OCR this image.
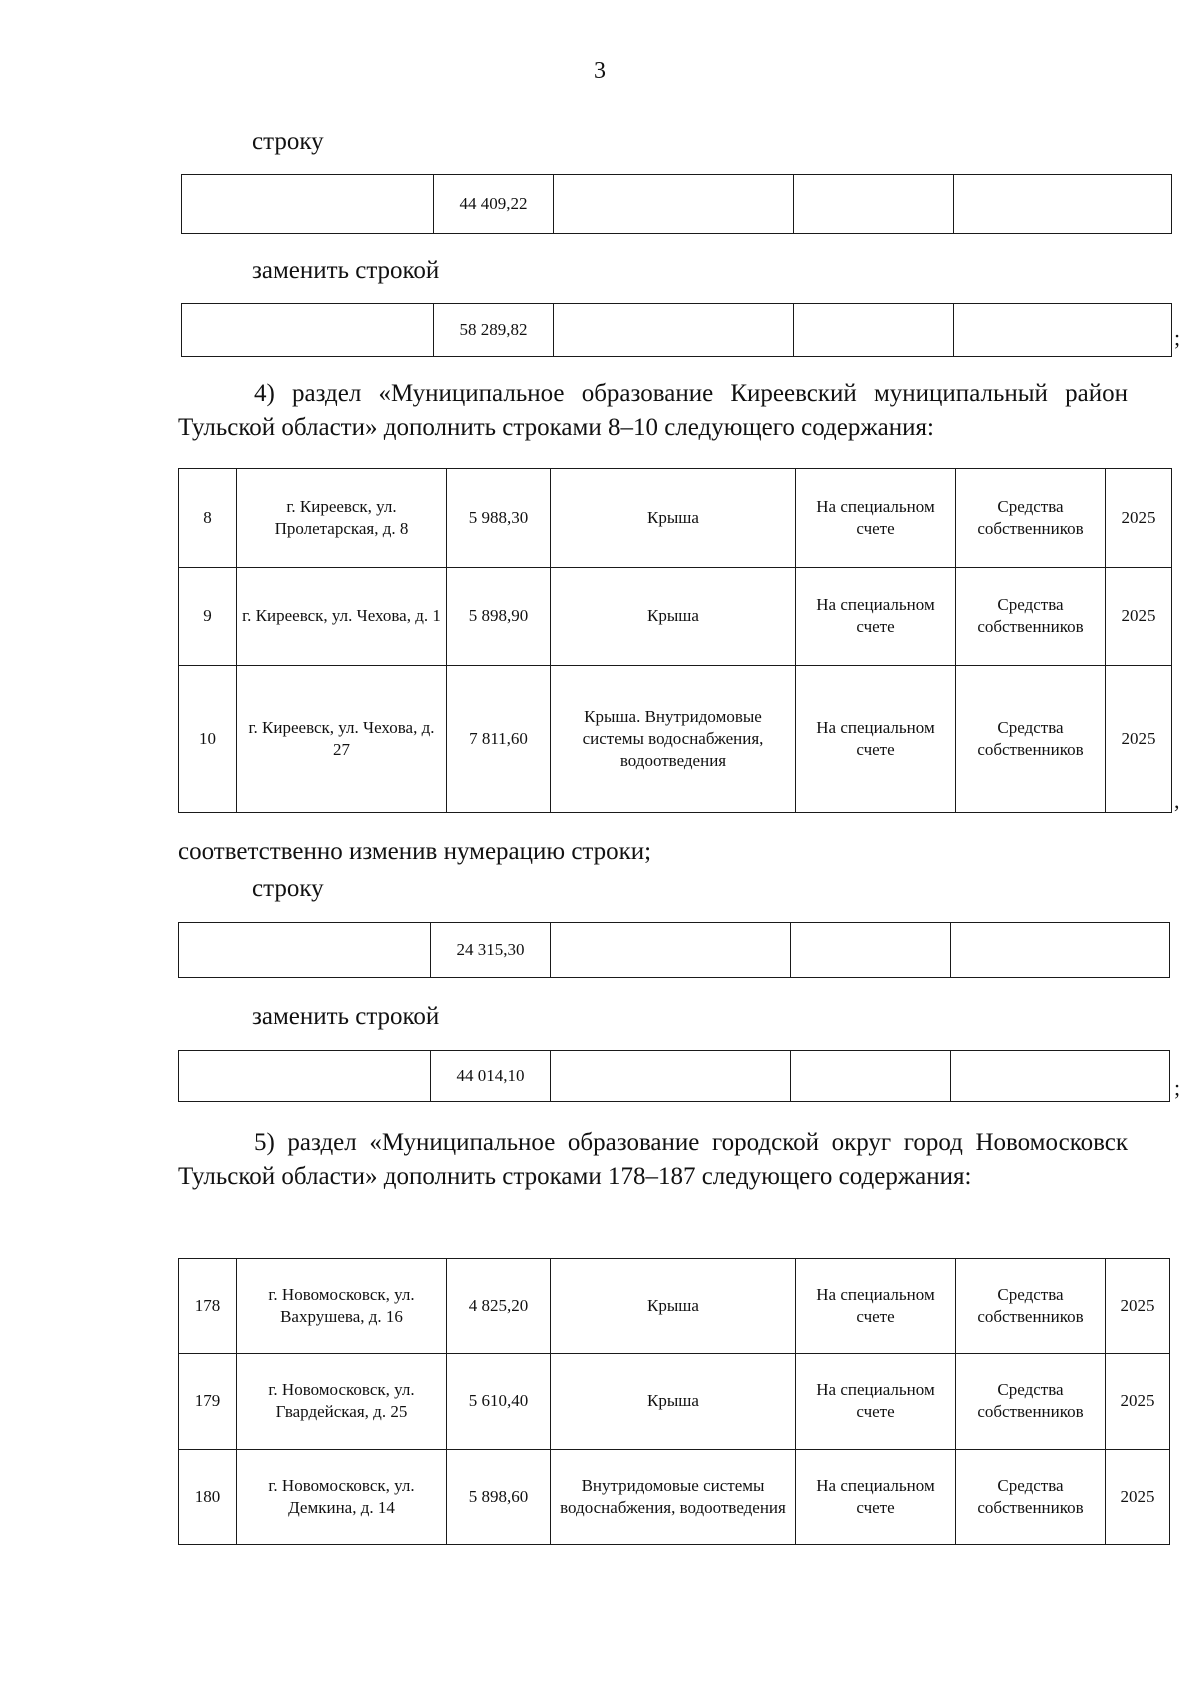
3
строку
	44 409,22			
заменить строкой
	58 289,82				;
4) раздел «Муниципальное образование Киреевский муниципальный район Тульской области» дополнить строками 8–10 следующего содержания:
8	г. Киреевск, ул. Пролетарская, д. 8	5 988,30	Крыша	На специальном счете	Средства собственников	2025
9	г. Киреевск, ул. Чехова, д. 1	5 898,90	Крыша	На специальном счете	Средства собственников	2025
10	г. Киреевск, ул. Чехова, д. 27	7 811,60	Крыша. Внутридомовые системы водоснабжения, водоотведения	На специальном счете	Средства собственников	2025
,
соответственно изменив нумерацию строки;
строку
	24 315,30			
заменить строкой
	44 014,10				;
5) раздел «Муниципальное образование городской округ город Новомосковск Тульской области» дополнить строками 178–187 следующего содержания:
178	г. Новомосковск, ул. Вахрушева, д. 16	4 825,20	Крыша	На специальном счете	Средства собственников	2025
179	г. Новомосковск, ул. Гвардейская, д. 25	5 610,40	Крыша	На специальном счете	Средства собственников	2025
180	г. Новомосковск, ул. Демкина, д. 14	5 898,60	Внутридомовые системы водоснабжения, водоотведения	На специальном счете	Средства собственников	2025
